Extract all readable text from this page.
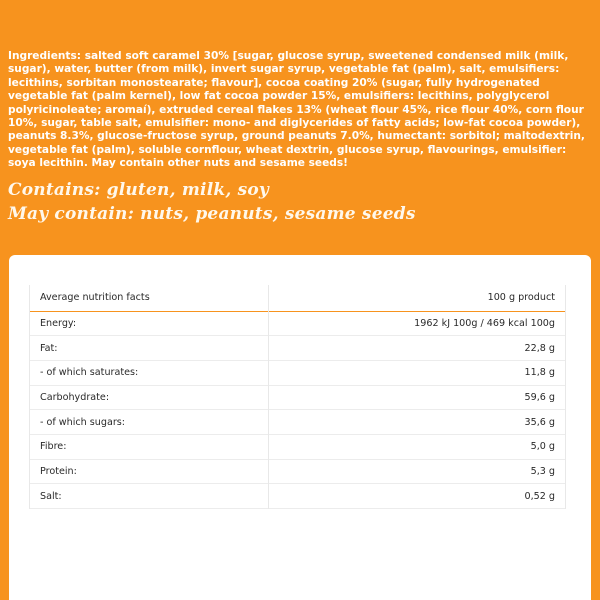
Ingredients: salted soft caramel 30% [sugar, glucose syrup, sweetened condensed milk (milk, sugar), water, butter (from milk), invert sugar syrup, vegetable fat (palm), salt, emulsifiers: lecithins, sorbitan monostearate; flavour], cocoa coating 20% (sugar, fully hydrogenated vegetable fat (palm kernel), low fat cocoa powder 15%, emulsifiers: lecithins, polyglycerol polyricinoleate; aromaí), extruded cereal flakes 13% (wheat flour 45%, rice flour 40%, corn flour 10%, sugar, table salt, emulsifier: mono- and diglycerides of fatty acids; low-fat cocoa powder), peanuts 8.3%, glucose-fructose syrup, ground peanuts 7.0%, humectant: sorbitol; maltodextrin, vegetable fat (palm), soluble cornflour, wheat dextrin, glucose syrup, flavourings, emulsifier: soya lecithin. May contain other nuts and sesame seeds!
Contains: gluten, milk, soy
May contain: nuts, peanuts, sesame seeds
Average nutrition facts	100 g product
Energy:	1962 kJ 100g / 469 kcal 100g
Fat:	22,8 g
- of which saturates:	11,8 g
Carbohydrate:	59,6 g
- of which sugars:	35,6 g
Fibre:	5,0 g
Protein:	5,3 g
Salt:	0,52 g
